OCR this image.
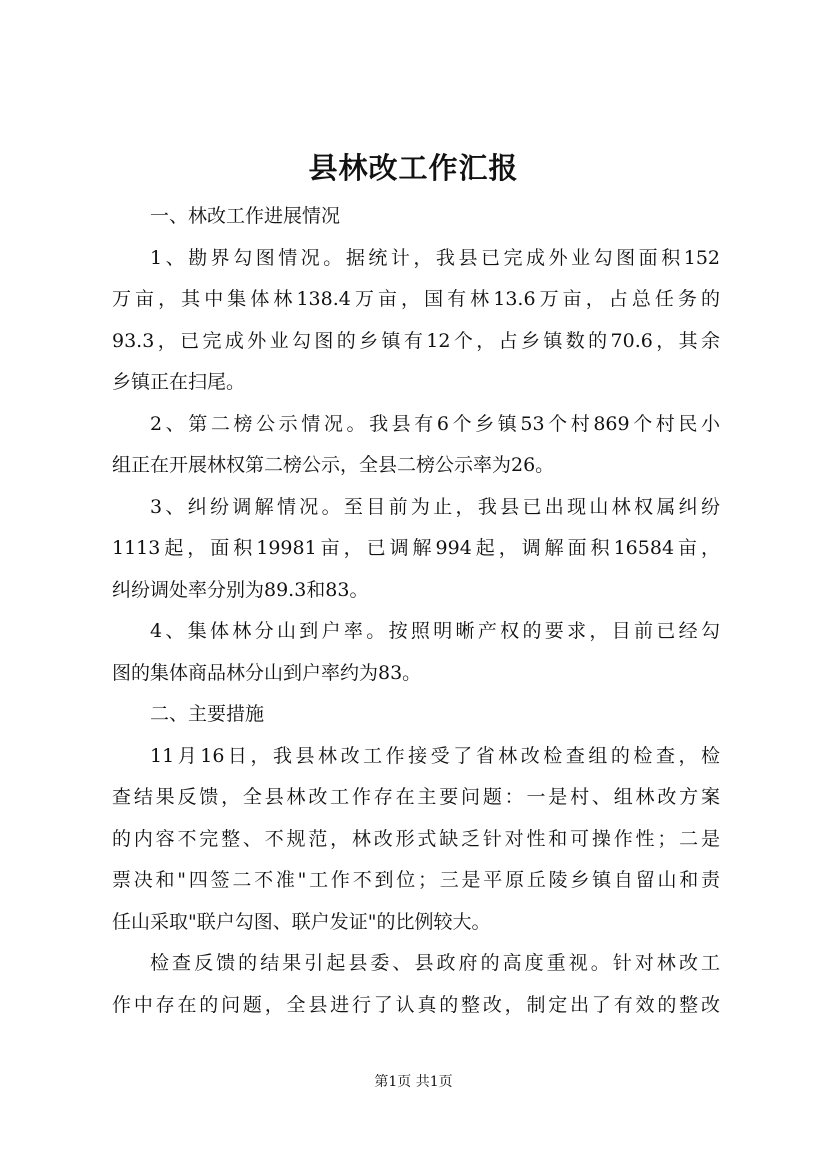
县林改工作汇报
一、林改工作进展情况
1、勘界勾图情况。据统计，我县已完成外业勾图面积152
万亩，其中集体林138.4万亩，国有林13.6万亩，占总任务的
93.3，已完成外业勾图的乡镇有12个，占乡镇数的70.6，其余
乡镇正在扫尾。
2、第二榜公示情况。我县有6个乡镇53个村869个村民小
组正在开展林权第二榜公示，全县二榜公示率为26。
3、纠纷调解情况。至目前为止，我县已出现山林权属纠纷
1113起，面积19981亩，已调解994起，调解面积16584亩，
纠纷调处率分别为89.3和83。
4、集体林分山到户率。按照明晰产权的要求，目前已经勾
图的集体商品林分山到户率约为83。
二、主要措施
11月16日，我县林改工作接受了省林改检查组的检查，检
查结果反馈，全县林改工作存在主要问题：一是村、组林改方案
的内容不完整、不规范，林改形式缺乏针对性和可操作性；二是
票决和"四签二不准"工作不到位；三是平原丘陵乡镇自留山和责
任山采取"联户勾图、联户发证"的比例较大。
检查反馈的结果引起县委、县政府的高度重视。针对林改工
作中存在的问题，全县进行了认真的整改，制定出了有效的整改
第1页 共1页
